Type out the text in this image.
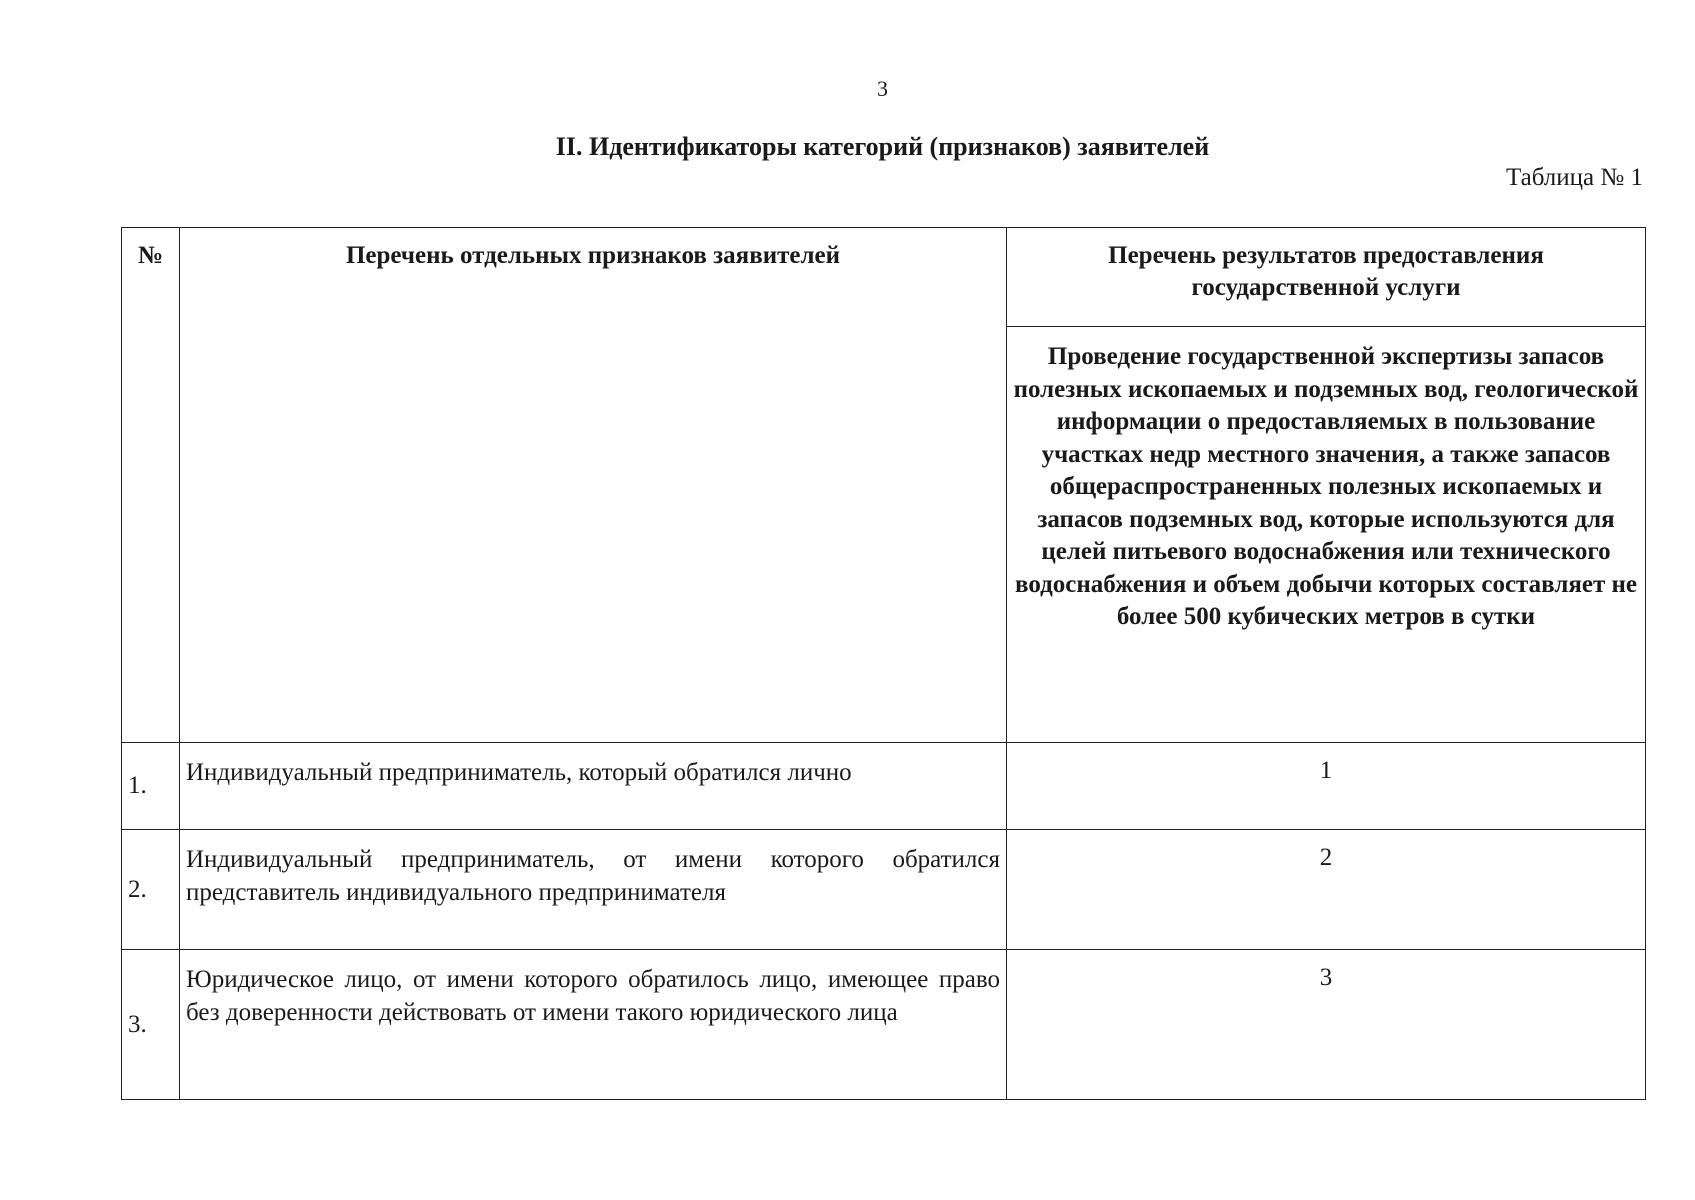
3
II. Идентификаторы категорий (признаков) заявителей
Таблица № 1
№	Перечень отдельных признаков заявителей	Перечень результатов предоставления государственной услуги
		Проведение государственной экспертизы запасов полезных ископаемых и подземных вод, геологической информации о предоставляемых в пользование участках недр местного значения, а также запасов общераспространенных полезных ископаемых и запасов подземных вод, которые используются для целей питьевого водоснабжения или технического водоснабжения и объем добычи которых составляет не более 500 кубических метров в сутки
1.	Индивидуальный предприниматель, который обратился лично	1
2.	Индивидуальный предприниматель, от имени которого обратился представитель индивидуального предпринимателя	2
3.	Юридическое лицо, от имени которого обратилось лицо, имеющее право без доверенности действовать от имени такого юридического лица	3
